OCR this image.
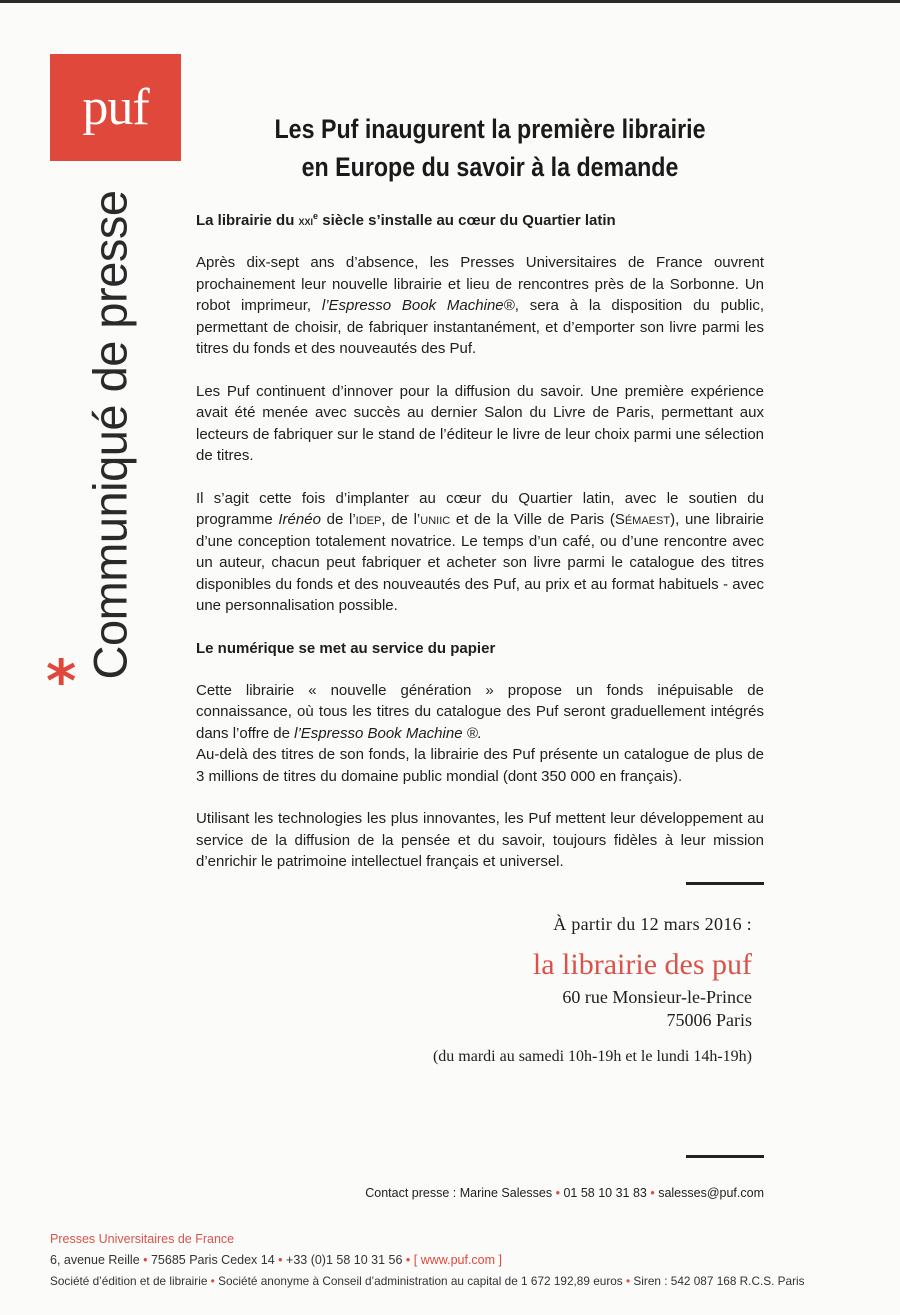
puf
Communiqué de presse
*
Les Puf inaugurent la première librairie
en Europe du savoir à la demande

La librairie du xxi$^e$ siècle s’installe au cœur du Quartier latin

Après dix-sept ans d’absence, les Presses Universitaires de France ouvrent prochainement leur nouvelle librairie et lieu de rencontres près de la Sorbonne. Un robot imprimeur, l’Espresso Book Machine®, sera à la disposition du public, permettant de choisir, de fabriquer instantanément, et d’emporter son livre parmi les titres du fonds et des nouveautés des Puf.

Les Puf continuent d’innover pour la diffusion du savoir. Une première expérience avait été menée avec succès au dernier Salon du Livre de Paris, permettant aux lecteurs de fabriquer sur le stand de l’éditeur le livre de leur choix parmi une sélection de titres.

Il s’agit cette fois d’implanter au cœur du Quartier latin, avec le soutien du programme Irénéo de l’idep, de l’uniic et de la Ville de Paris (Sémaest), une librairie d’une conception totalement novatrice. Le temps d’un café, ou d’une rencontre avec un auteur, chacun peut fabriquer et acheter son livre parmi le catalogue des titres disponibles du fonds et des nouveautés des Puf, au prix et au format habituels - avec une personnalisation possible.

Le numérique se met au service du papier

Cette librairie « nouvelle génération » propose un fonds inépuisable de connaissance, où tous les titres du catalogue des Puf seront graduellement intégrés dans l’offre de l’Espresso Book Machine ®.

Au-delà des titres de son fonds, la librairie des Puf présente un catalogue de plus de 3 millions de titres du domaine public mondial (dont 350 000 en français).

Utilisant les technologies les plus innovantes, les Puf mettent leur développement au service de la diffusion de la pensée et du savoir, toujours fidèles à leur mission d’enrichir le patrimoine intellectuel français et universel.

À partir du 12 mars 2016 :
la librairie des puf
60 rue Monsieur-le-Prince
75006 Paris
(du mardi au samedi 10h-19h et le lundi 14h-19h)
Contact presse : Marine Salesses • 01 58 10 31 83 • salesses@puf.com
Presses Universitaires de France
6, avenue Reille • 75685 Paris Cedex 14 • +33 (0)1 58 10 31 56 • [ www.puf.com ]
Société d’édition et de librairie • Société anonyme à Conseil d’administration au capital de 1 672 192,89 euros • Siren : 542 087 168 R.C.S. Paris
